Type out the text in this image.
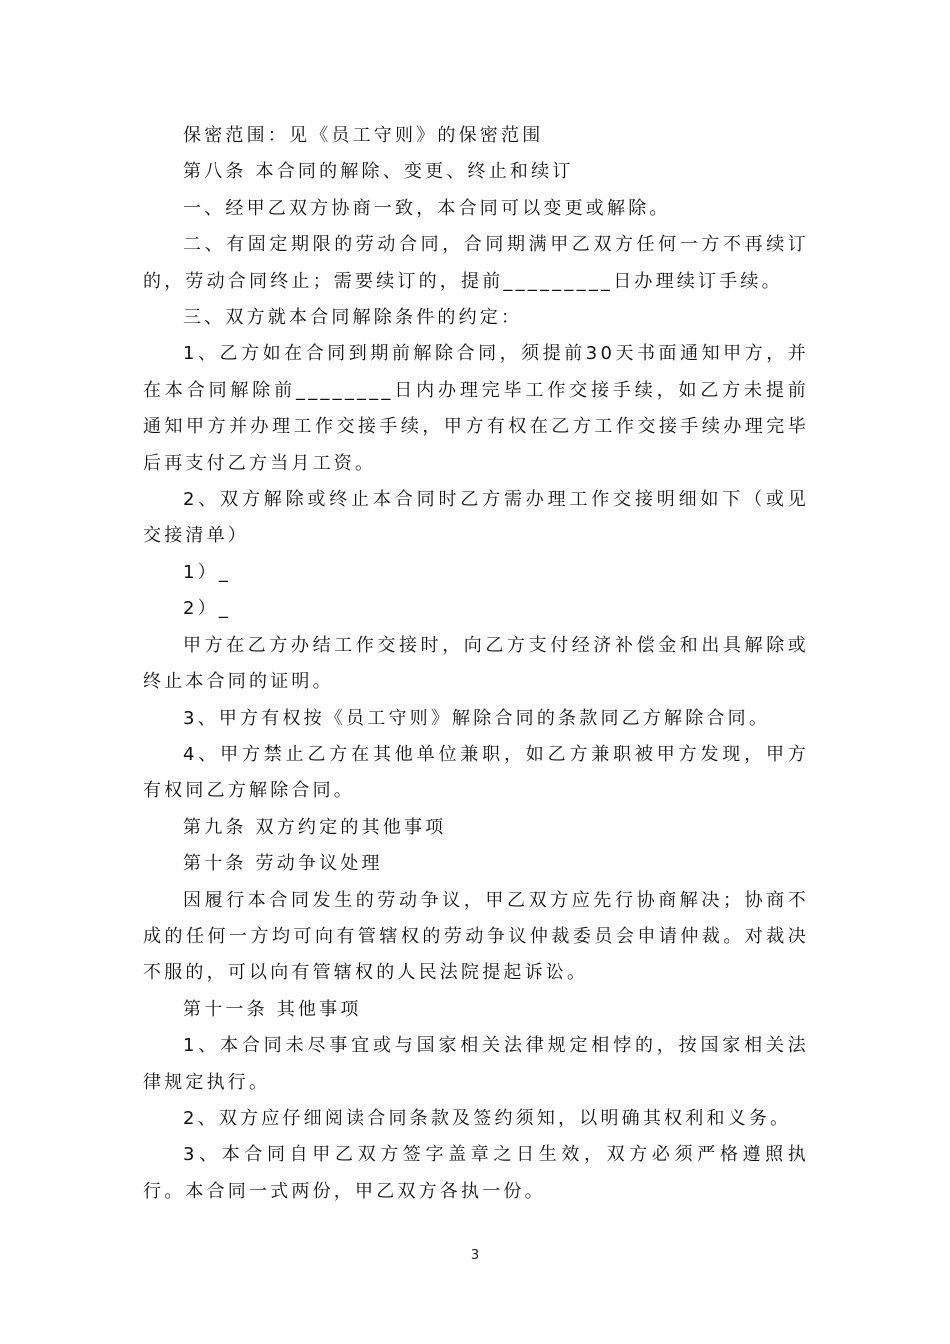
保密范围：见《员工守则》的保密范围

第八条 本合同的解除、变更、终止和续订

一、经甲乙双方协商一致，本合同可以变更或解除。

二、有固定期限的劳动合同，合同期满甲乙双方任何一方不再续订的，劳动合同终止；需要续订的，提前_________日办理续订手续。

三、双方就本合同解除条件的约定：

1、乙方如在合同到期前解除合同，须提前30天书面通知甲方，并在本合同解除前________日内办理完毕工作交接手续，如乙方未提前通知甲方并办理工作交接手续，甲方有权在乙方工作交接手续办理完毕后再支付乙方当月工资。

2、双方解除或终止本合同时乙方需办理工作交接明细如下（或见交接清单）

1）_

2）_

甲方在乙方办结工作交接时，向乙方支付经济补偿金和出具解除或终止本合同的证明。

3、甲方有权按《员工守则》解除合同的条款同乙方解除合同。

4、甲方禁止乙方在其他单位兼职，如乙方兼职被甲方发现，甲方有权同乙方解除合同。

第九条 双方约定的其他事项

第十条 劳动争议处理

因履行本合同发生的劳动争议，甲乙双方应先行协商解决；协商不成的任何一方均可向有管辖权的劳动争议仲裁委员会申请仲裁。对裁决不服的，可以向有管辖权的人民法院提起诉讼。

第十一条 其他事项

1、本合同未尽事宜或与国家相关法律规定相悖的，按国家相关法律规定执行。

2、双方应仔细阅读合同条款及签约须知，以明确其权利和义务。

3、本合同自甲乙双方签字盖章之日生效，双方必须严格遵照执行。本合同一式两份，甲乙双方各执一份。

3
